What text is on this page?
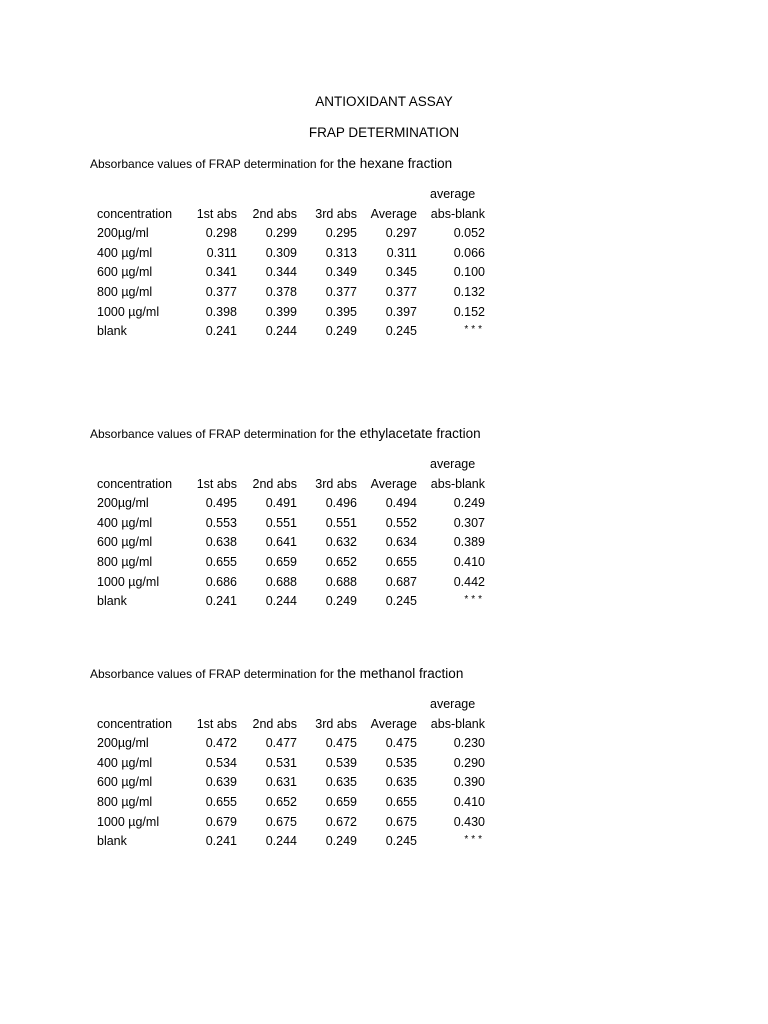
ANTIOXIDANT ASSAY
FRAP DETERMINATION
Absorbance values of FRAP determination for the hexane fraction
average
concentration	1st abs	2nd abs	3rd abs	Average	abs-blank
200µg/ml	0.298	0.299	0.295	0.297	0.052
400 µg/ml	0.311	0.309	0.313	0.311	0.066
600 µg/ml	0.341	0.344	0.349	0.345	0.100
800 µg/ml	0.377	0.378	0.377	0.377	0.132
1000 µg/ml	0.398	0.399	0.395	0.397	0.152
blank	0.241	0.244	0.249	0.245	***
Absorbance values of FRAP determination for the ethylacetate fraction
average
concentration	1st abs	2nd abs	3rd abs	Average	abs-blank
200µg/ml	0.495	0.491	0.496	0.494	0.249
400 µg/ml	0.553	0.551	0.551	0.552	0.307
600 µg/ml	0.638	0.641	0.632	0.634	0.389
800 µg/ml	0.655	0.659	0.652	0.655	0.410
1000 µg/ml	0.686	0.688	0.688	0.687	0.442
blank	0.241	0.244	0.249	0.245	***
Absorbance values of FRAP determination for the methanol fraction
average
concentration	1st abs	2nd abs	3rd abs	Average	abs-blank
200µg/ml	0.472	0.477	0.475	0.475	0.230
400 µg/ml	0.534	0.531	0.539	0.535	0.290
600 µg/ml	0.639	0.631	0.635	0.635	0.390
800 µg/ml	0.655	0.652	0.659	0.655	0.410
1000 µg/ml	0.679	0.675	0.672	0.675	0.430
blank	0.241	0.244	0.249	0.245	***
